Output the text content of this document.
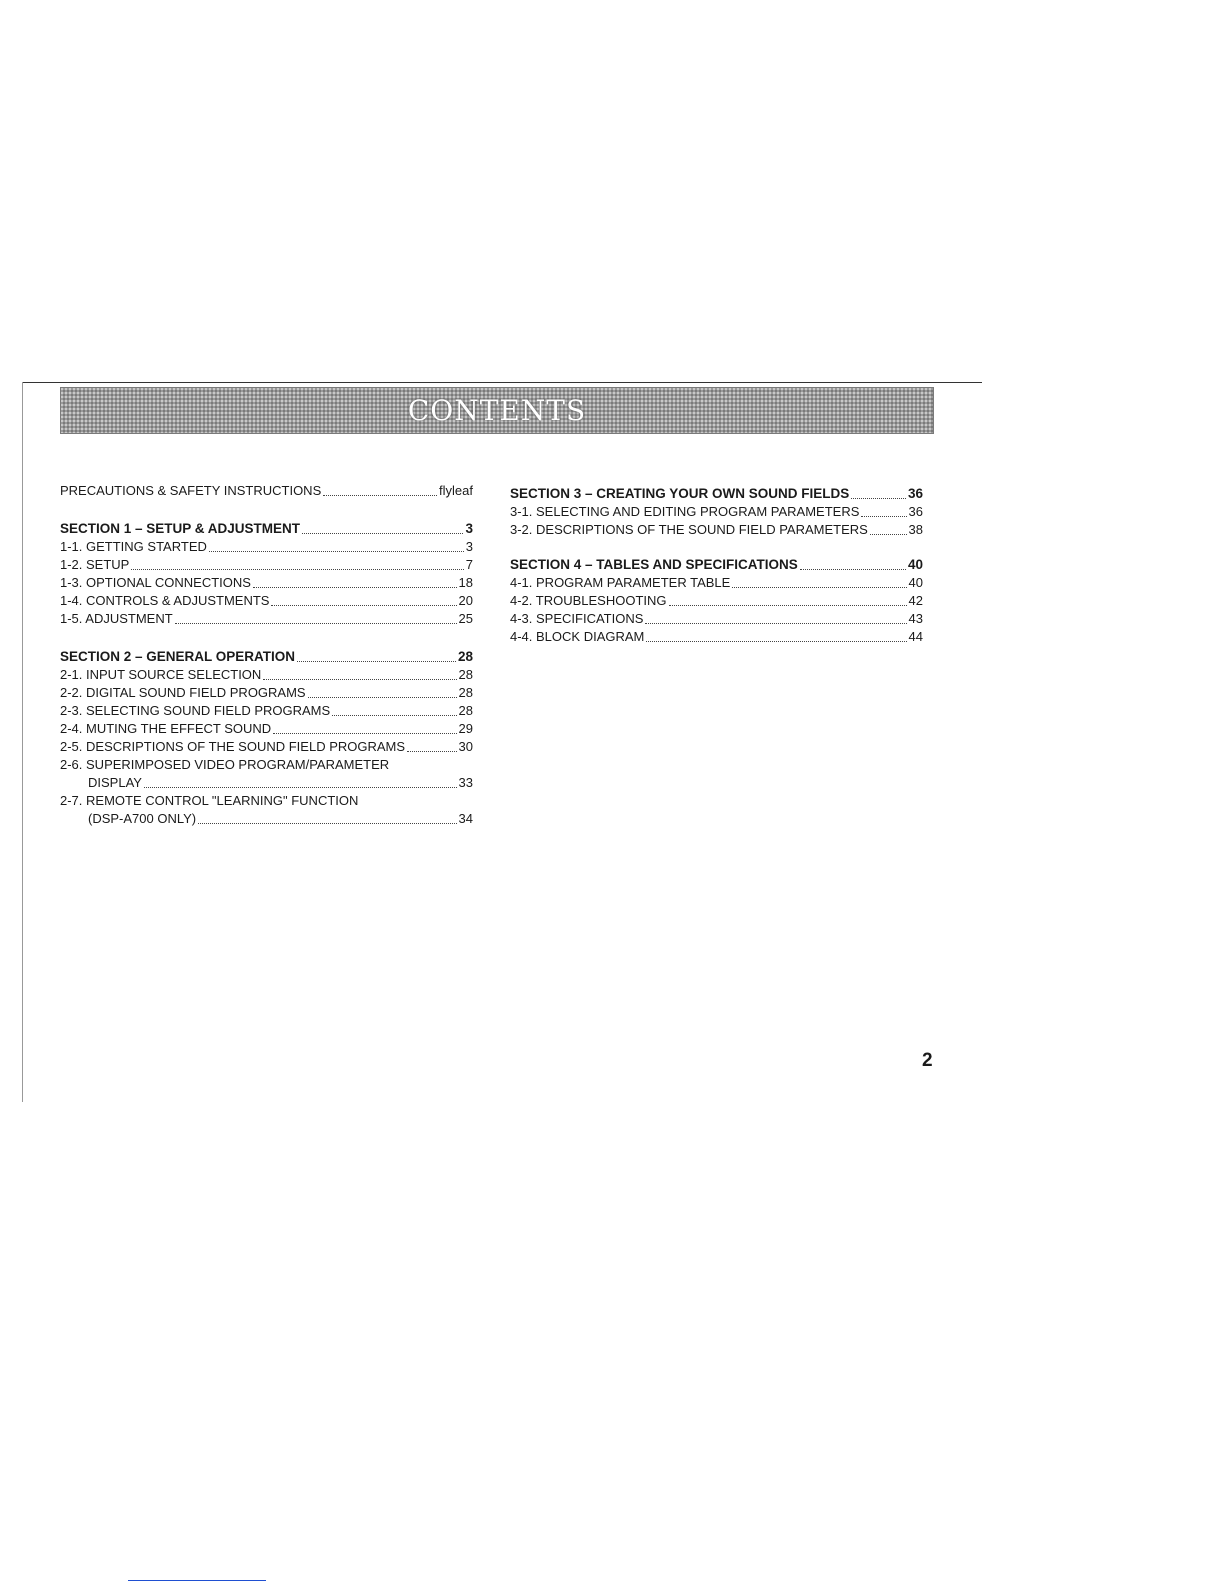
CONTENTS
PRECAUTIONS & SAFETY INSTRUCTIONS	flyleaf
SECTION 1 – SETUP & ADJUSTMENT	3
1-1. GETTING STARTED	3
1-2. SETUP	7
1-3. OPTIONAL CONNECTIONS	18
1-4. CONTROLS & ADJUSTMENTS	20
1-5. ADJUSTMENT	25
SECTION 2 – GENERAL OPERATION	28
2-1. INPUT SOURCE SELECTION	28
2-2. DIGITAL SOUND FIELD PROGRAMS	28
2-3. SELECTING SOUND FIELD PROGRAMS	28
2-4. MUTING THE EFFECT SOUND	29
2-5. DESCRIPTIONS OF THE SOUND FIELD PROGRAMS	30
2-6. SUPERIMPOSED VIDEO PROGRAM/PARAMETER
DISPLAY	33
2-7. REMOTE CONTROL "LEARNING" FUNCTION
(DSP-A700 ONLY)	34
SECTION 3 – CREATING YOUR OWN SOUND FIELDS	36
3-1. SELECTING AND EDITING PROGRAM PARAMETERS	36
3-2. DESCRIPTIONS OF THE SOUND FIELD PARAMETERS	38
SECTION 4 – TABLES AND SPECIFICATIONS	40
4-1. PROGRAM PARAMETER TABLE	40
4-2. TROUBLESHOOTING	42
4-3. SPECIFICATIONS	43
4-4. BLOCK DIAGRAM	44
2
